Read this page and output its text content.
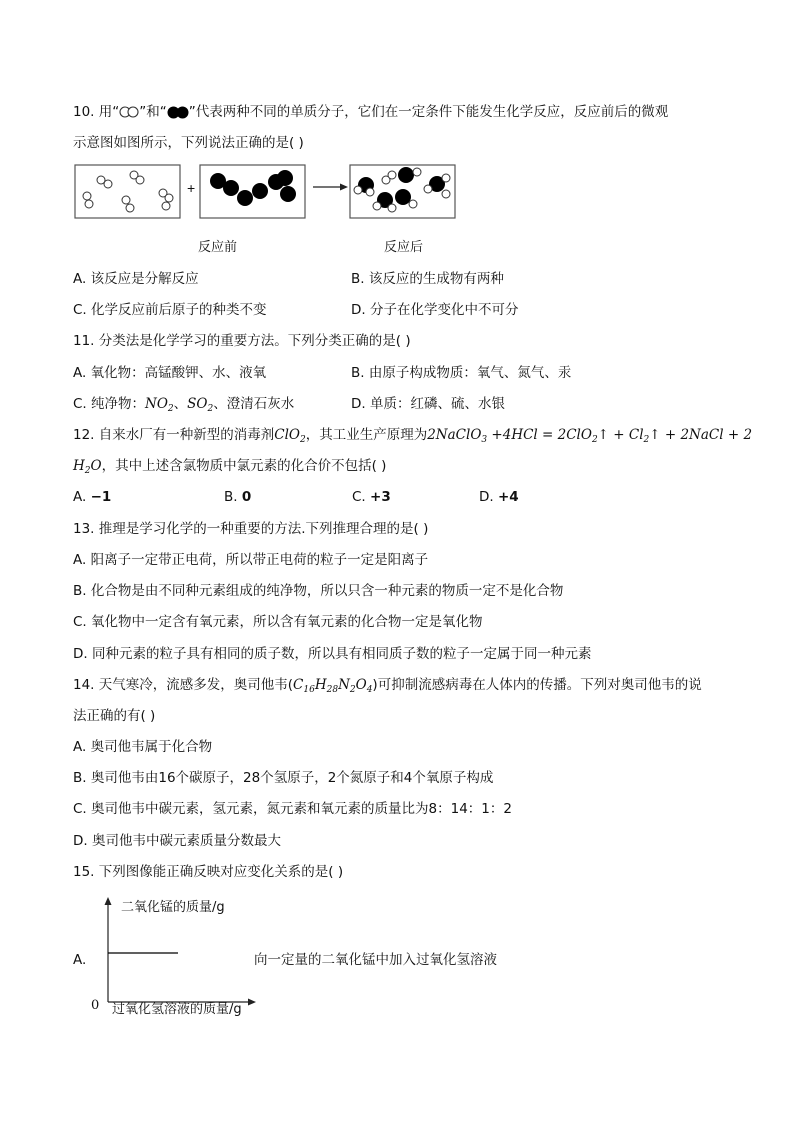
10. 用“ ”和“ ”代表两种不同的单质分子，它们在一定条件下能发生化学反应，反应前后的微观
示意图如图所示，下列说法正确的是( )
+
反应前	反应后
A. 该反应是分解反应	B. 该反应的生成物有两种
C. 化学反应前后原子的种类不变	D. 分子在化学变化中不可分
11. 分类法是化学学习的重要方法。下列分类正确的是( )
A. 氧化物：高锰酸钾、水、液氧	B. 由原子构成物质：氧气、氮气、汞
C. 纯净物：$NO_2$、$SO_2$、澄清石灰水	D. 单质：红磷、硫、水银
12. 自来水厂有一种新型的消毒剂ClO$_2$，其工业生产原理为2NaClO$_3$ +4HCl = 2ClO$_2$↑ + $Cl_2↑$ + 2NaCl + 2
$H_2O$，其中上述含氯物质中氯元素的化合价不包括( )
A. −1	B. 0	C. +3	D. +4
13. 推理是学习化学的一种重要的方法.下列推理合理的是( )
A. 阳离子一定带正电荷，所以带正电荷的粒子一定是阳离子
B. 化合物是由不同种元素组成的纯净物，所以只含一种元素的物质一定不是化合物
C. 氧化物中一定含有氧元素，所以含有氧元素的化合物一定是氧化物
D. 同种元素的粒子具有相同的质子数，所以具有相同质子数的粒子一定属于同一种元素
14. 天气寒冷，流感多发，奥司他韦$(C_{16}H_{28}N_2O_4)$可抑制流感病毒在人体内的传播。下列对奥司他韦的说
法正确的有( )
A. 奥司他韦属于化合物
B. 奥司他韦由16个碳原子，28个氢原子，2个氮原子和4个氧原子构成
C. 奥司他韦中碳元素，氢元素，氮元素和氧元素的质量比为8：14：1：2
D. 奥司他韦中碳元素质量分数最大
15. 下列图像能正确反映对应变化关系的是( )
A.
二氧化锰的质量/g
0 过氧化氢溶液的质量/g
向一定量的二氧化锰中加入过氧化氢溶液
